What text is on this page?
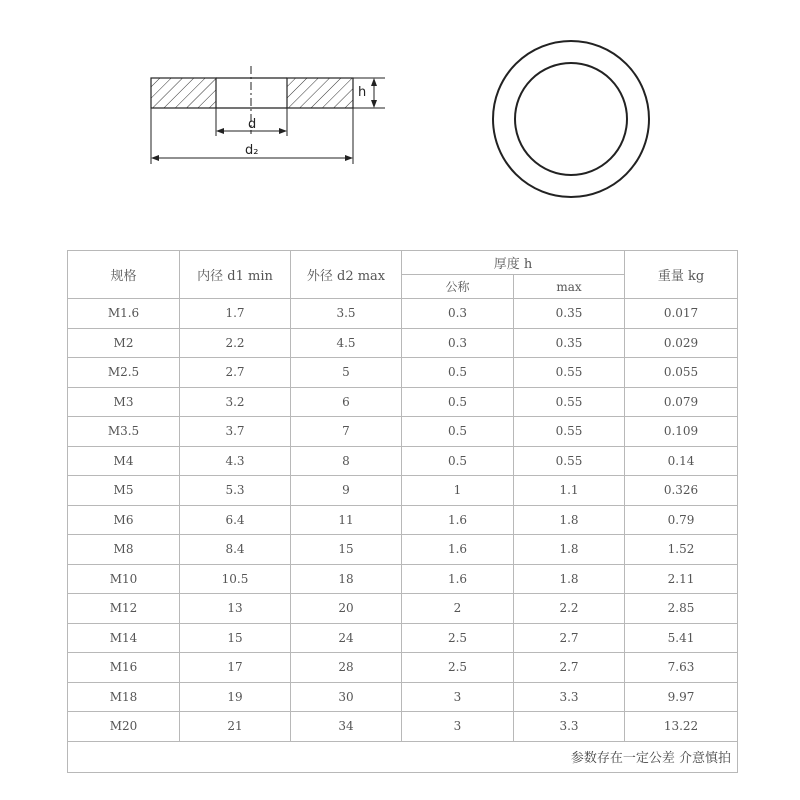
h
d
d₂
规格	内径 d1 min	外径 d2 max	厚度 h		重量 kg
			公称	max	
M1.6	1.7	3.5	0.3	0.35	0.017
M2	2.2	4.5	0.3	0.35	0.029
M2.5	2.7	5	0.5	0.55	0.055
M3	3.2	6	0.5	0.55	0.079
M3.5	3.7	7	0.5	0.55	0.109
M4	4.3	8	0.5	0.55	0.14
M5	5.3	9	1	1.1	0.326
M6	6.4	11	1.6	1.8	0.79
M8	8.4	15	1.6	1.8	1.52
M10	10.5	18	1.6	1.8	2.11
M12	13	20	2	2.2	2.85
M14	15	24	2.5	2.7	5.41
M16	17	28	2.5	2.7	7.63
M18	19	30	3	3.3	9.97
M20	21	34	3	3.3	13.22
参数存在一定公差 介意慎拍					
